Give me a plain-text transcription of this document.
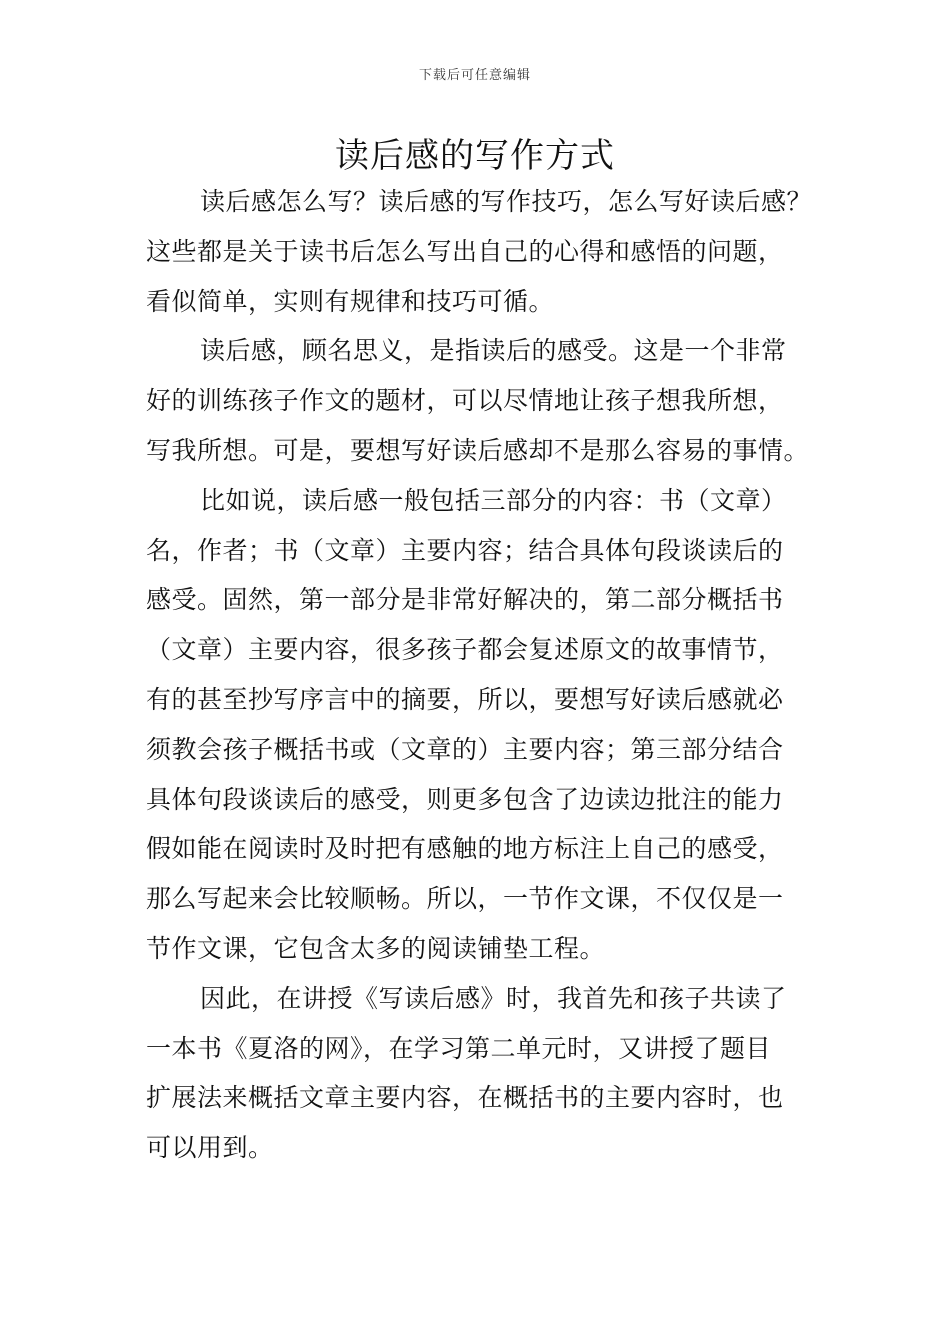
下载后可任意编辑
读后感的写作方式
读后感怎么写？读后感的写作技巧，怎么写好读后感？
这些都是关于读书后怎么写出自己的心得和感悟的问题，
看似简单，实则有规律和技巧可循。
读后感，顾名思义，是指读后的感受。这是一个非常
好的训练孩子作文的题材，可以尽情地让孩子想我所想，
写我所想。可是，要想写好读后感却不是那么容易的事情。
比如说，读后感一般包括三部分的内容：书（文章）
名，作者；书（文章）主要内容；结合具体句段谈读后的
感受。固然，第一部分是非常好解决的，第二部分概括书
（文章）主要内容，很多孩子都会复述原文的故事情节，
有的甚至抄写序言中的摘要，所以，要想写好读后感就必
须教会孩子概括书或（文章的）主要内容；第三部分结合
具体句段谈读后的感受，则更多包含了边读边批注的能力
假如能在阅读时及时把有感触的地方标注上自己的感受，
那么写起来会比较顺畅。所以，一节作文课，不仅仅是一
节作文课，它包含太多的阅读铺垫工程。
因此，在讲授《写读后感》时，我首先和孩子共读了
一本书《夏洛的网》，在学习第二单元时，又讲授了题目
扩展法来概括文章主要内容，在概括书的主要内容时，也
可以用到。
